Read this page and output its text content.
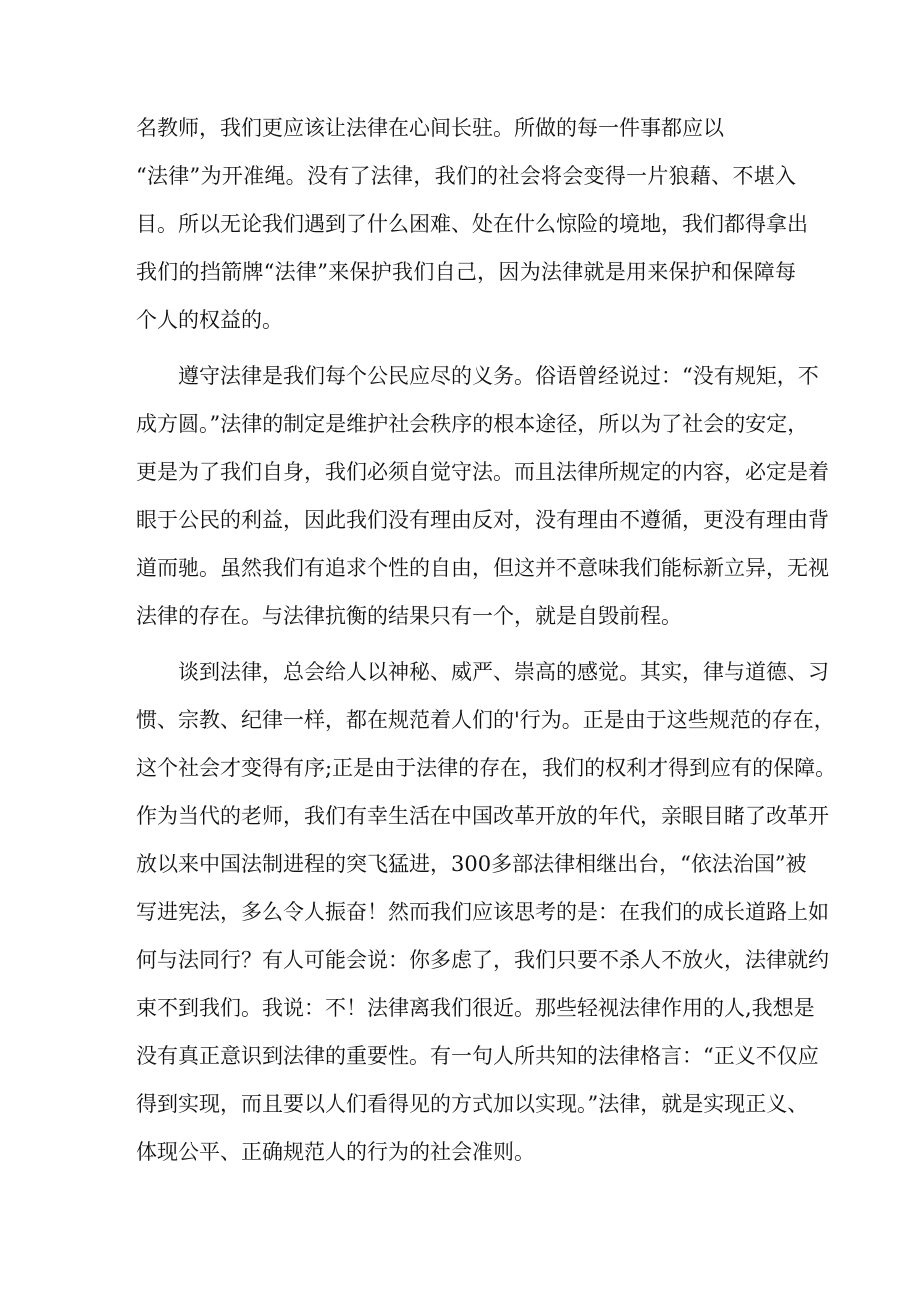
名教师，我们更应该让法律在心间长驻。所做的每一件事都应以
“法律”为开准绳。没有了法律，我们的社会将会变得一片狼藉、不堪入
目。所以无论我们遇到了什么困难、处在什么惊险的境地，我们都得拿出
我们的挡箭牌“法律”来保护我们自己，因为法律就是用来保护和保障每
个人的权益的。
遵守法律是我们每个公民应尽的义务。俗语曾经说过：“没有规矩，不
成方圆。”法律的制定是维护社会秩序的根本途径，所以为了社会的安定，
更是为了我们自身，我们必须自觉守法。而且法律所规定的内容，必定是着
眼于公民的利益，因此我们没有理由反对，没有理由不遵循，更没有理由背
道而驰。虽然我们有追求个性的自由，但这并不意味我们能标新立异，无视
法律的存在。与法律抗衡的结果只有一个，就是自毁前程。
谈到法律，总会给人以神秘、威严、崇高的感觉。其实，律与道德、习
惯、宗教、纪律一样，都在规范着人们的'行为。正是由于这些规范的存在，
这个社会才变得有序;正是由于法律的存在，我们的权利才得到应有的保障。
作为当代的老师，我们有幸生活在中国改革开放的年代，亲眼目睹了改革开
放以来中国法制进程的突飞猛进，300多部法律相继出台，“依法治国”被
写进宪法，多么令人振奋！然而我们应该思考的是：在我们的成长道路上如
何与法同行？有人可能会说：你多虑了，我们只要不杀人不放火，法律就约
束不到我们。我说：不！法律离我们很近。那些轻视法律作用的人,我想是
没有真正意识到法律的重要性。有一句人所共知的法律格言：“正义不仅应
得到实现，而且要以人们看得见的方式加以实现。”法律，就是实现正义、
体现公平、正确规范人的行为的社会准则。
